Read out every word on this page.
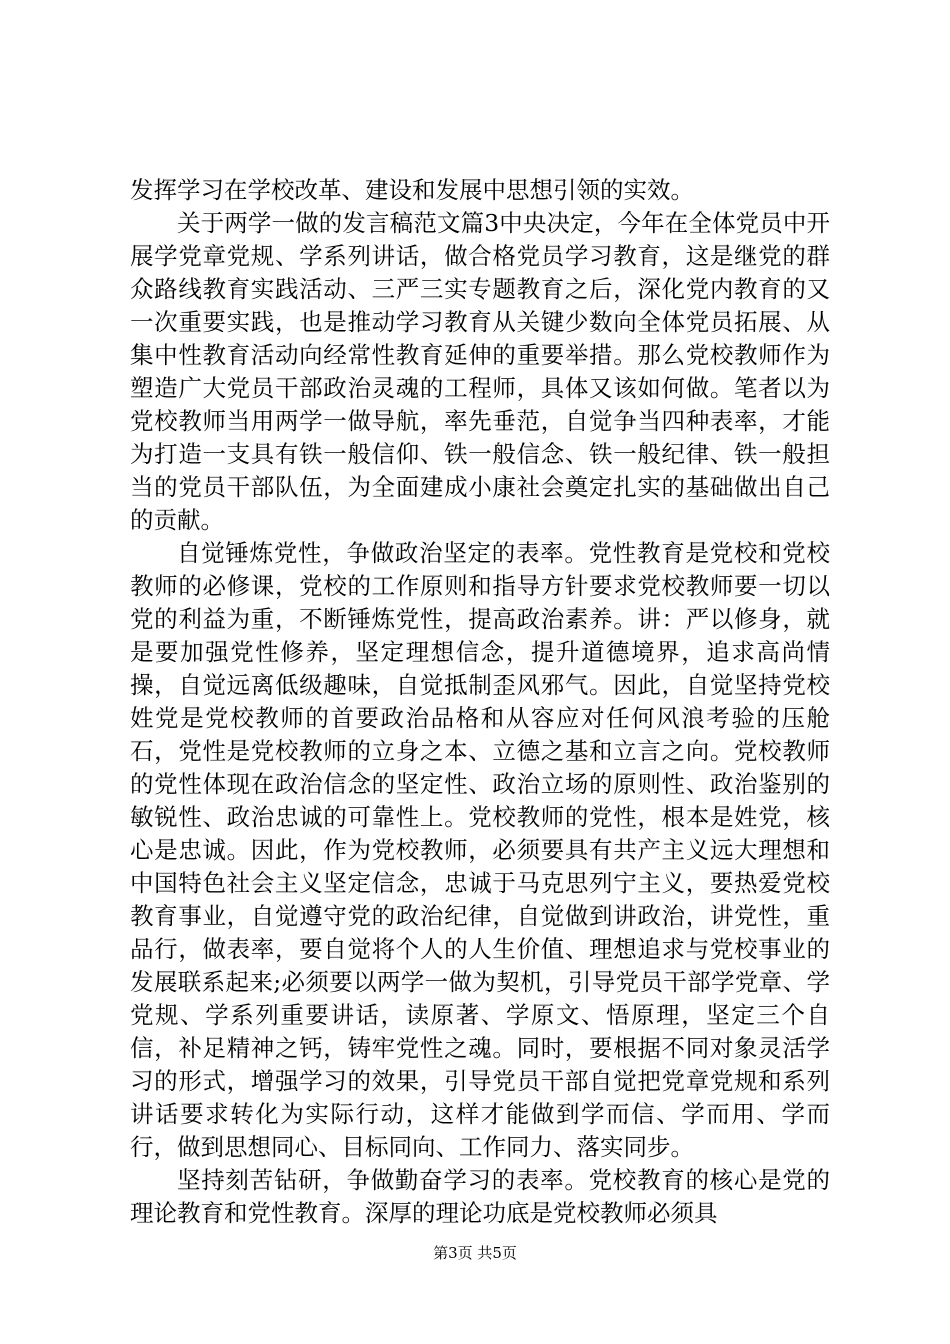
发挥学习在学校改革、建设和发展中思想引领的实效。

关于两学一做的发言稿范文篇3中央决定，今年在全体党员中开展学党章党规、学系列讲话，做合格党员学习教育，这是继党的群众路线教育实践活动、三严三实专题教育之后，深化党内教育的又一次重要实践，也是推动学习教育从关键少数向全体党员拓展、从集中性教育活动向经常性教育延伸的重要举措。那么党校教师作为塑造广大党员干部政治灵魂的工程师，具体又该如何做。笔者以为党校教师当用两学一做导航，率先垂范，自觉争当四种表率，才能为打造一支具有铁一般信仰、铁一般信念、铁一般纪律、铁一般担当的党员干部队伍，为全面建成小康社会奠定扎实的基础做出自己的贡献。

自觉锤炼党性，争做政治坚定的表率。党性教育是党校和党校教师的必修课，党校的工作原则和指导方针要求党校教师要一切以党的利益为重，不断锤炼党性，提高政治素养。讲：严以修身，就是要加强党性修养，坚定理想信念，提升道德境界，追求高尚情操，自觉远离低级趣味，自觉抵制歪风邪气。因此，自觉坚持党校姓党是党校教师的首要政治品格和从容应对任何风浪考验的压舱石，党性是党校教师的立身之本、立德之基和立言之向。党校教师的党性体现在政治信念的坚定性、政治立场的原则性、政治鉴别的敏锐性、政治忠诚的可靠性上。党校教师的党性，根本是姓党，核心是忠诚。因此，作为党校教师，必须要具有共产主义远大理想和中国特色社会主义坚定信念，忠诚于马克思列宁主义，要热爱党校教育事业，自觉遵守党的政治纪律，自觉做到讲政治，讲党性，重品行，做表率，要自觉将个人的人生价值、理想追求与党校事业的发展联系起来;必须要以两学一做为契机，引导党员干部学党章、学党规、学系列重要讲话，读原著、学原文、悟原理，坚定三个自信，补足精神之钙，铸牢党性之魂。同时，要根据不同对象灵活学习的形式，增强学习的效果，引导党员干部自觉把党章党规和系列讲话要求转化为实际行动，这样才能做到学而信、学而用、学而行，做到思想同心、目标同向、工作同力、落实同步。

坚持刻苦钻研，争做勤奋学习的表率。党校教育的核心是党的理论教育和党性教育。深厚的理论功底是党校教师必须具

第3页 共5页
